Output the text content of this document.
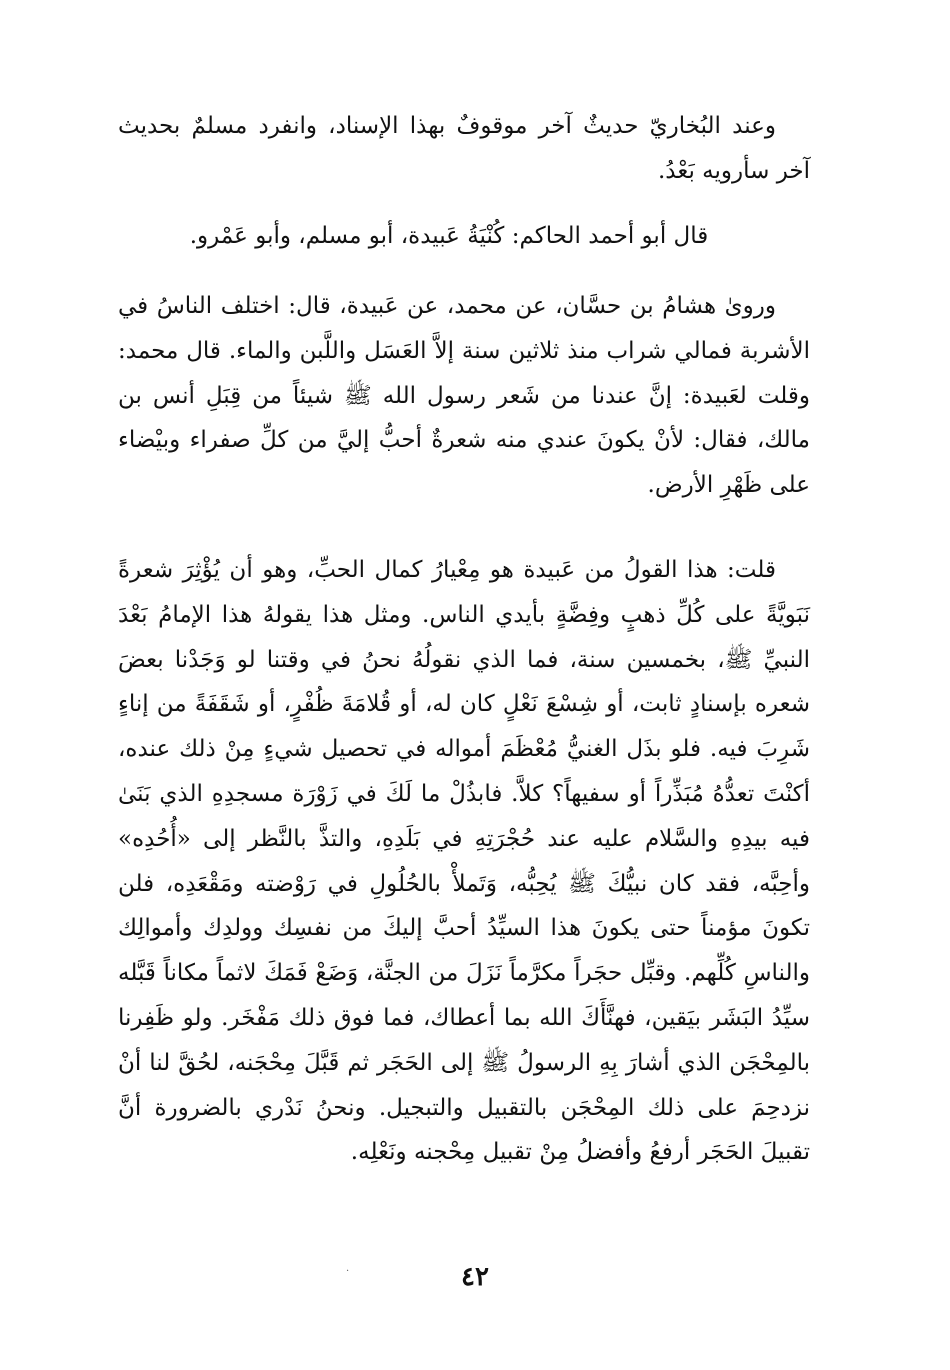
وعند البُخاريّ حديثٌ آخر موقوفٌ بهذا الإسناد، وانفرد مسلمٌ بحديث آخر سأرويه بَعْدُ.

قال أبو أحمد الحاكم: كُنْيَةُ عَبيدة، أبو مسلم، وأبو عَمْرو.

وروىٰ هشامُ بن حسَّان، عن محمد، عن عَبيدة، قال: اختلف الناسُ في الأشربة فمالي شراب منذ ثلاثين سنة إلاَّ العَسَل واللَّبن والماء. قال محمد: وقلت لعَبيدة: إنَّ عندنا من شَعر رسول الله ﷺ شيئاً من قِبَلِ أنس بن مالك، فقال: لأنْ يكونَ عندي منه شعرةٌ أحبُّ إليَّ من كلِّ صفراء وبيْضاء على ظَهْرِ الأرض.

قلت: هذا القولُ من عَبيدة هو مِعْيارُ كمال الحبِّ، وهو أن يُؤْثِرَ شعرةً نَبَويَّةً على كُلِّ ذهبٍ وفِضَّةٍ بأيدي الناس. ومثل هذا يقولهُ هذا الإمامُ بَعْدَ النبيِّ ﷺ، بخمسين سنة، فما الذي نقولُهُ نحنُ في وقتنا لو وَجَدْنا بعضَ شعره بإسنادٍ ثابت، أو شِسْعَ نَعْلٍ كان له، أو قُلامَةَ ظُفْرٍ، أو شَقَفَةً من إناءٍ شَرِبَ فيه. فلو بذَل الغنيُّ مُعْظَمَ أمواله في تحصيل شيءٍ مِنْ ذلك عنده، أكنْتَ تعدُّهُ مُبَذِّراً أو سفيهاً؟ كلاَّ. فابذُلْ ما لَكَ في زَوْرَة مسجدِهِ الذي بَنَىٰ فيه بيدِهِ والسَّلام عليه عند حُجْرَتِهِ في بَلَدِهِ، والتذَّ بالنَّظر إلى «أُحُدِه» وأحِبَّه، فقد كان نبيُّكَ ﷺ يُحِبُّه، وَتَملأْ بالحُلُولِ في رَوْضته ومَقْعَدِه، فلن تكونَ مؤمناً حتى يكونَ هذا السيِّدُ أحبَّ إليكَ من نفسِك وولدِك وأموالِك والناسِ كُلِّهم. وقبِّل حجَراً مكرَّماً نَزَلَ من الجنَّة، وَضَعْ فَمَكَ لاثماً مكاناً قَبَّله سيِّدُ البَشَر بيَقين، فهنَّأَكَ الله بما أعطاك، فما فوق ذلك مَفْخَر. ولو ظَفِرنا بالمِحْجَن الذي أشارَ بِهِ الرسولُ ﷺ إلى الحَجَر ثم قَبَّلَ مِحْجَنه، لحُقَّ لنا أنْ نزدحِمَ على ذلك المِحْجَن بالتقبيل والتبجيل. ونحنُ نَدْري بالضرورة أنَّ تقبيلَ الحَجَر أرفعُ وأفضلُ مِنْ تقبيل مِحْجنه ونَعْلِه.

·	٤٢
